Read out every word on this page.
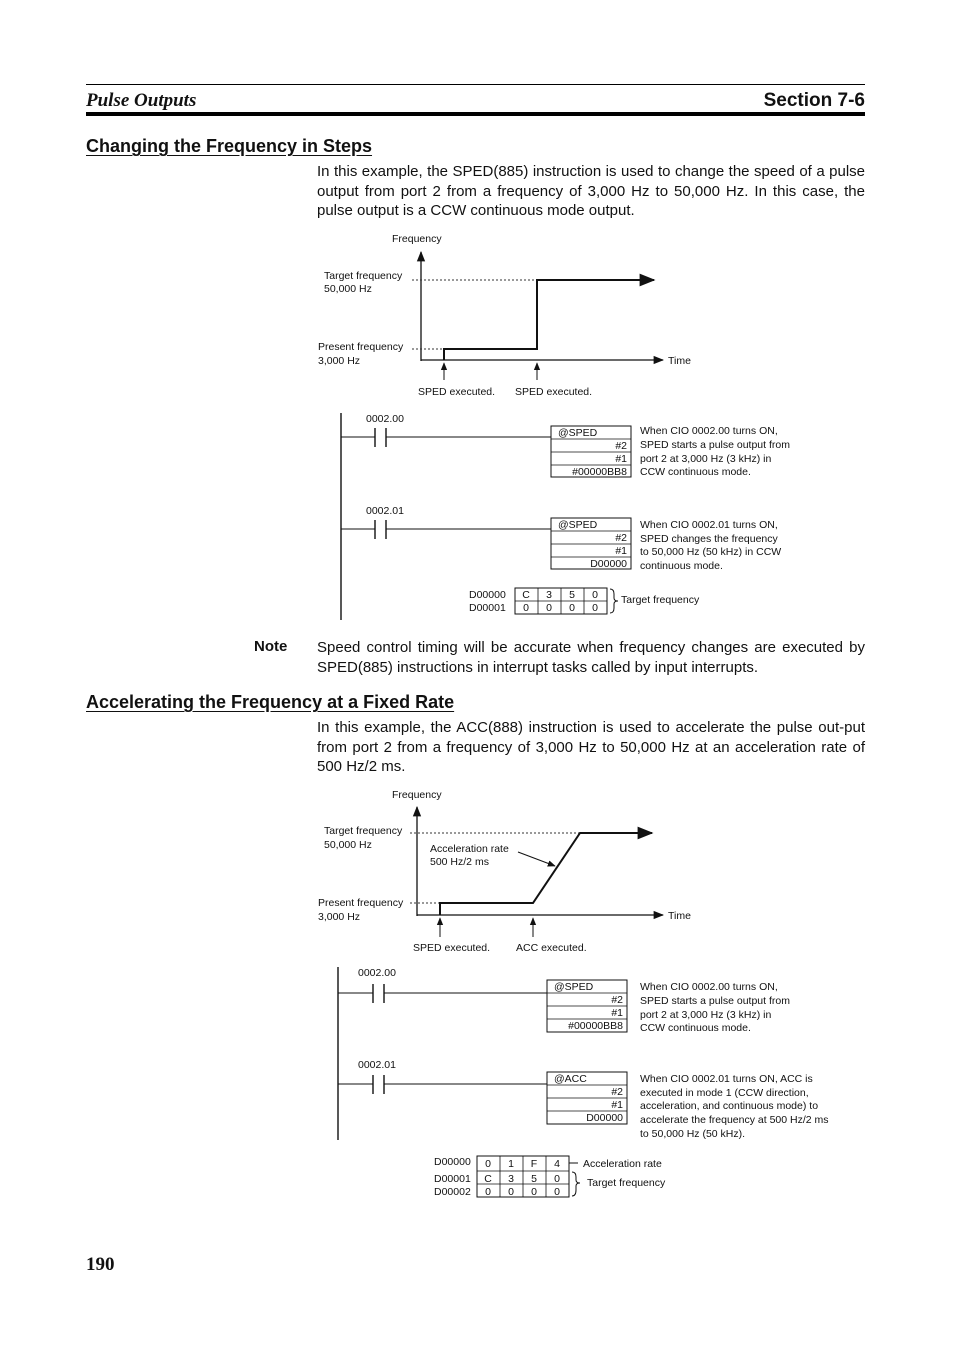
Pulse Outputs	Section 7-6
Changing the Frequency in Steps
In this example, the SPED(885) instruction is used to change the speed of a pulse output from port 2 from a frequency of 3,000 Hz to 50,000 Hz. In this case, the pulse output is a CCW continuous mode output.
Frequency
Time
Target frequency
50,000 Hz
Present frequency
3,000 Hz
SPED executed. SPED executed.
0002.00
@SPED
#2
#1
#00000BB8
When CIO 0002.00 turns ON,
SPED starts a pulse output from
port 2 at 3,000 Hz (3 kHz) in
CCW continuous mode.
0002.01
@SPED
#2
#1
D00000
When CIO 0002.01 turns ON,
SPED changes the frequency
to 50,000 Hz (50 kHz) in CCW
continuous mode.
D00000
D00001
C 3 5 0
0 0 0 0
Target frequency
Frequency
Time
Target frequency
50,000 Hz	Acceleration rate
500 Hz/2 ms
Present frequency
3,000 Hz
SPED executed. ACC executed.
0002.00
@SPED
#2
#1
#00000BB8
When CIO 0002.00 turns ON,
SPED starts a pulse output from
port 2 at 3,000 Hz (3 kHz) in
CCW continuous mode.
0002.01
@ACC
#2
#1
D00000
When CIO 0002.01 turns ON, ACC is
executed in mode 1 (CCW direction,
acceleration, and continuous mode) to
accelerate the frequency at 500 Hz/2 ms
to 50,000 Hz (50 kHz).
D00000
D00001
D00002
0 1 F 4
C 3 5 0
0 0 0 0
Acceleration rate
Target frequency
Note Speed control timing will be accurate when frequency changes are executed by SPED(885) instructions in interrupt tasks called by input interrupts.
Accelerating the Frequency at a Fixed Rate
In this example, the ACC(888) instruction is used to accelerate the pulse out-put from port 2 from a frequency of 3,000 Hz to 50,000 Hz at an acceleration rate of 500 Hz/2 ms.
190
